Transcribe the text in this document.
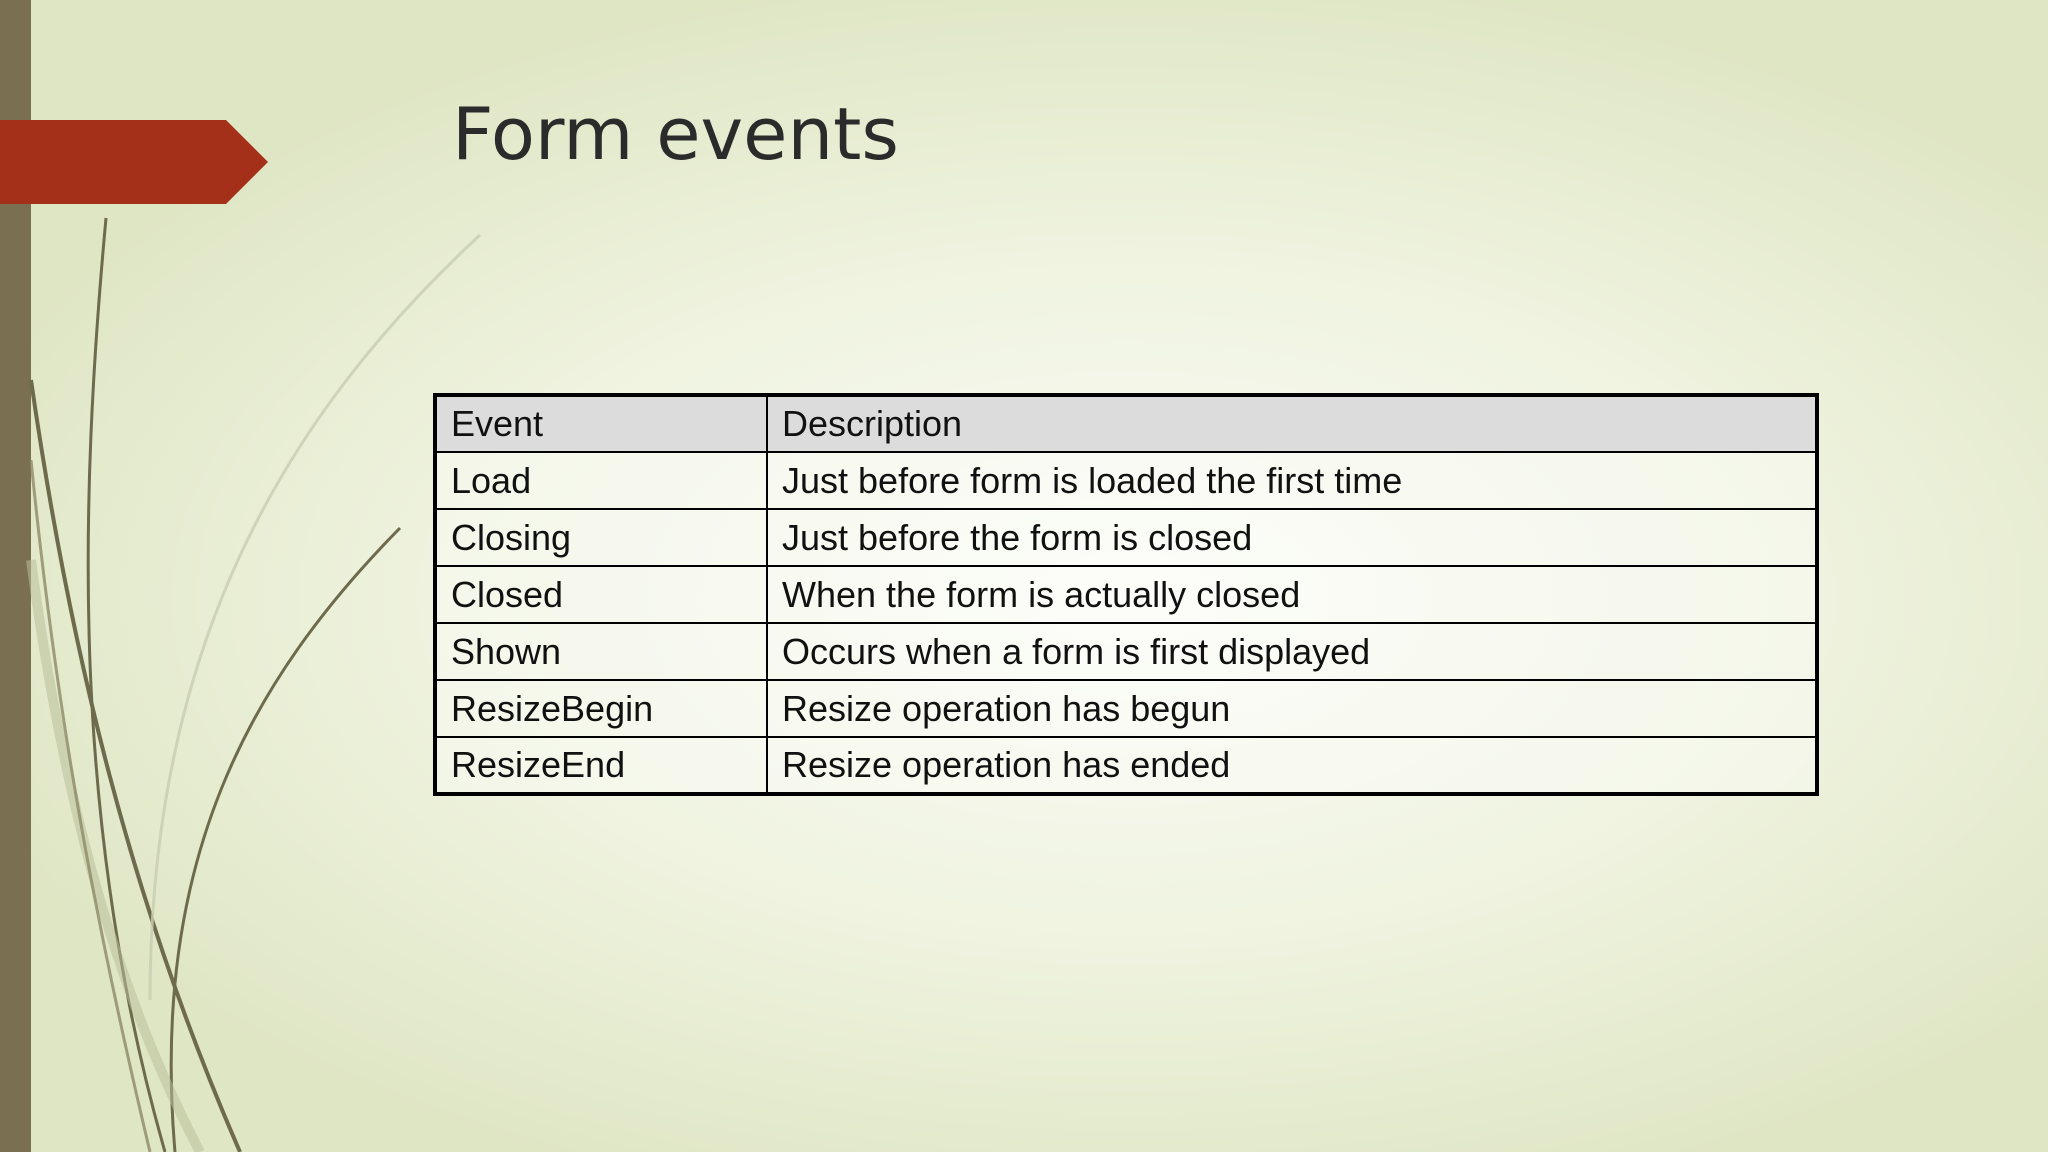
Form events
Event	Description
Load	Just before form is loaded the first time
Closing	Just before the form is closed
Closed	When the form is actually closed
Shown	Occurs when a form is first displayed
ResizeBegin	Resize operation has begun
ResizeEnd	Resize operation has ended
